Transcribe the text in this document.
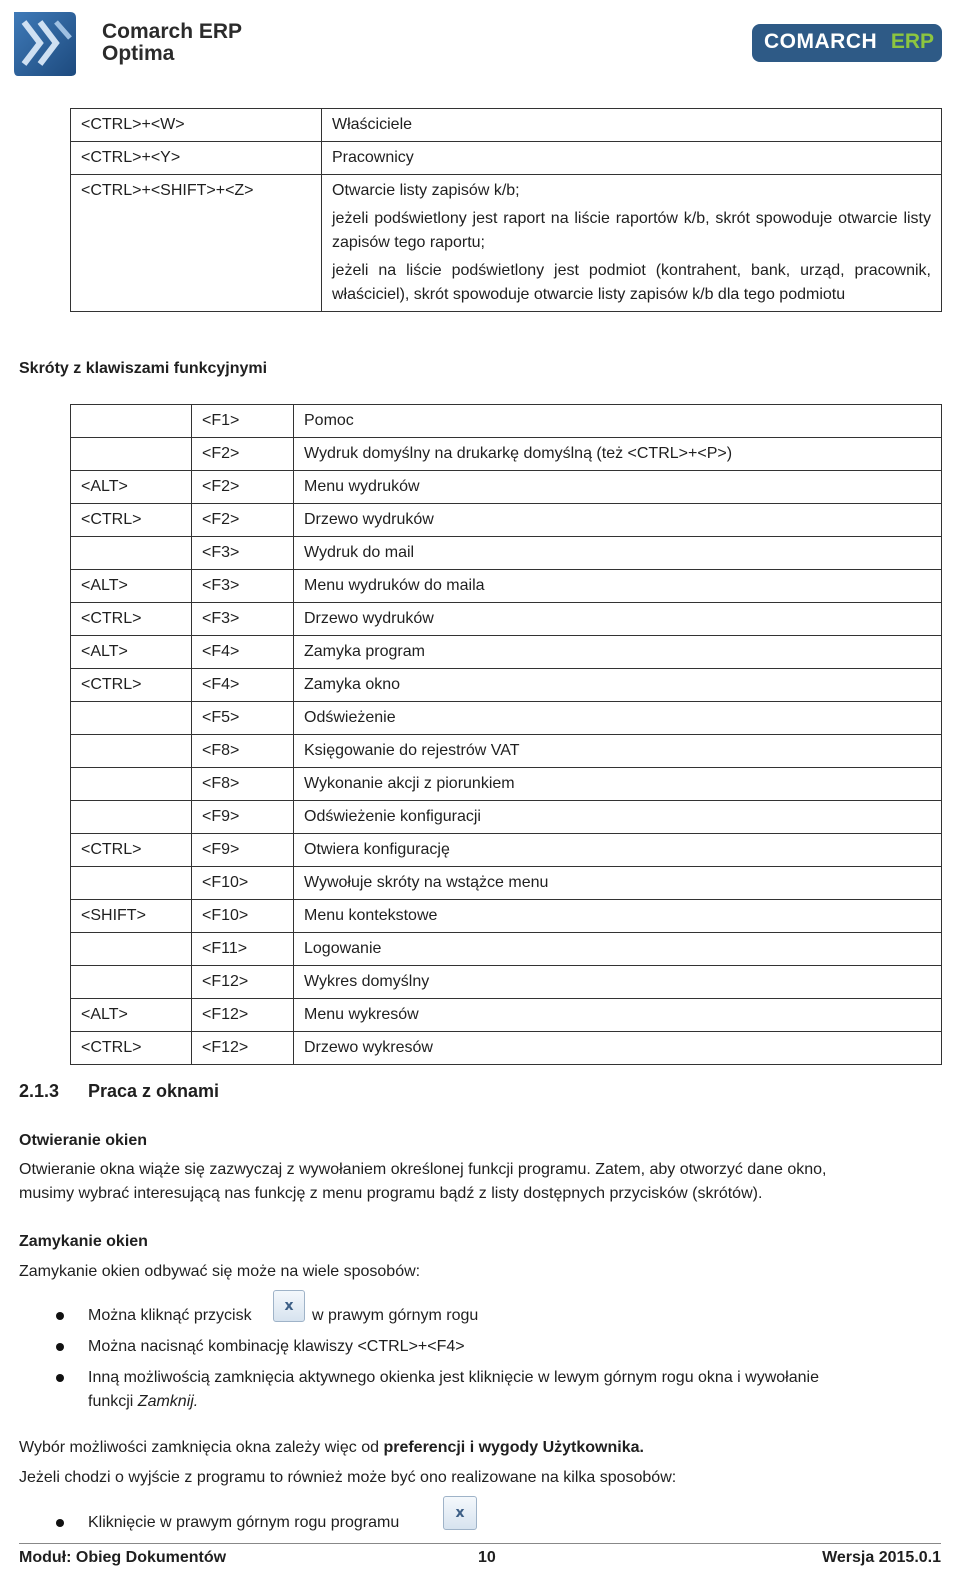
Comarch ERP
Optima
COMARCH ERP
<CTRL>+<W>	Właściciele
<CTRL>+<Y>	Pracownicy
<CTRL>+<SHIFT>+<Z>	Otwarcie listy zapisów k/b;
jeżeli podświetlony jest raport na liście raportów k/b, skrót spowoduje otwarcie listy zapisów tego raportu;
jeżeli na liście podświetlony jest podmiot (kontrahent, bank, urząd, pracownik, właściciel), skrót spowoduje otwarcie listy zapisów k/b dla tego podmiotu
Skróty z klawiszami funkcyjnymi
	<F1>	Pomoc
	<F2>	Wydruk domyślny na drukarkę domyślną (też <CTRL>+<P>)
<ALT>	<F2>	Menu wydruków
<CTRL>	<F2>	Drzewo wydruków
	<F3>	Wydruk do mail
<ALT>	<F3>	Menu wydruków do maila
<CTRL>	<F3>	Drzewo wydruków
<ALT>	<F4>	Zamyka program
<CTRL>	<F4>	Zamyka okno
	<F5>	Odświeżenie
	<F8>	Księgowanie do rejestrów VAT
	<F8>	Wykonanie akcji z piorunkiem
	<F9>	Odświeżenie konfiguracji
<CTRL>	<F9>	Otwiera konfigurację
	<F10>	Wywołuje skróty na wstążce menu
<SHIFT>	<F10>	Menu kontekstowe
	<F11>	Logowanie
	<F12>	Wykres domyślny
<ALT>	<F12>	Menu wykresów
<CTRL>	<F12>	Drzewo wykresów
2.1.3 Praca z oknami
Otwieranie okien
Otwieranie okna wiąże się zazwyczaj z wywołaniem określonej funkcji programu. Zatem, aby otworzyć dane okno,
musimy wybrać interesującą nas funkcję z menu programu bądź z listy dostępnych przycisków (skrótów).
Zamykanie okien
Zamykanie okien odbywać się może na wiele sposobów:
Można kliknąć przycisk
x
w prawym górnym rogu
Można nacisnąć kombinację klawiszy <CTRL>+<F4>
Inną możliwością zamknięcia aktywnego okienka jest kliknięcie w lewym górnym rogu okna i wywołanie
funkcji Zamknij.
Wybór możliwości zamknięcia okna zależy więc od preferencji i wygody Użytkownika.
Jeżeli chodzi o wyjście z programu to również może być ono realizowane na kilka sposobów:
Kliknięcie w prawym górnym rogu programu
x
Moduł: Obieg Dokumentów	10	Wersja 2015.0.1
